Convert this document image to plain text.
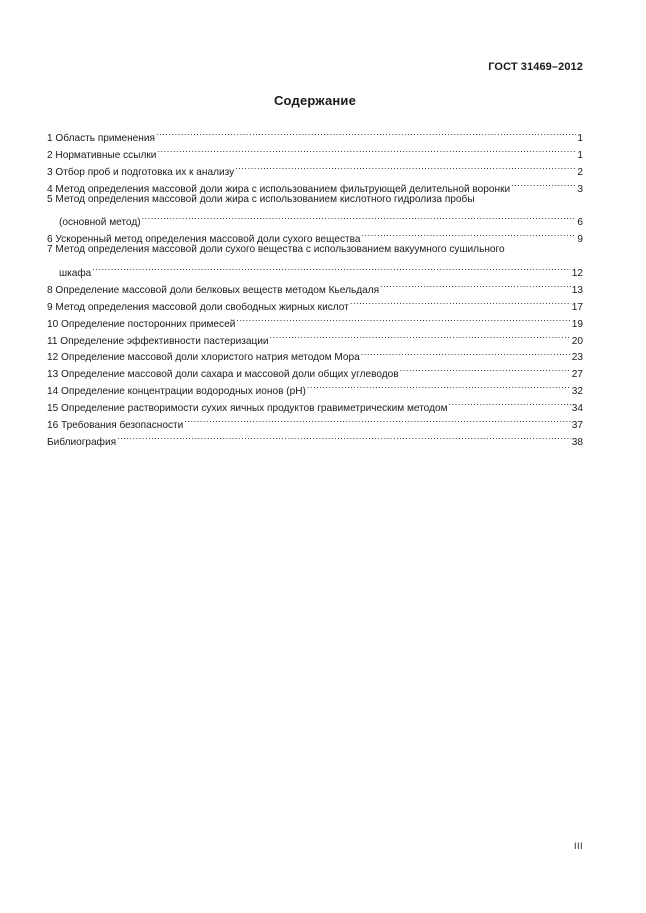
ГОСТ 31469–2012
Содержание
1 Область применения .....	1
2 Нормативные ссылки .....	1
3 Отбор проб и подготовка их к анализу .....	2
4 Метод определения массовой доли жира с использованием фильтрующей делительной воронки .....	3
5 Метод определения массовой доли жира с использованием кислотного гидролиза пробы
(основной метод) .....	6
6 Ускоренный метод определения массовой доли сухого вещества .....	9
7 Метод определения массовой доли сухого вещества с использованием вакуумного сушильного
шкафа .....	12
8 Определение массовой доли белковых веществ методом Кьельдаля .....	13
9 Метод определения массовой доли свободных жирных кислот .....	17
10 Определение посторонних примесей .....	19
11 Определение эффективности пастеризации .....	20
12 Определение массовой доли хлористого натрия методом Мора .....	23
13 Определение массовой доли сахара и массовой доли общих углеводов .....	27
14 Определение концентрации водородных ионов (pH) .....	32
15 Определение растворимости сухих яичных продуктов гравиметрическим методом .....	34
16 Требования безопасности .....	37
Библиография .....	38
III
